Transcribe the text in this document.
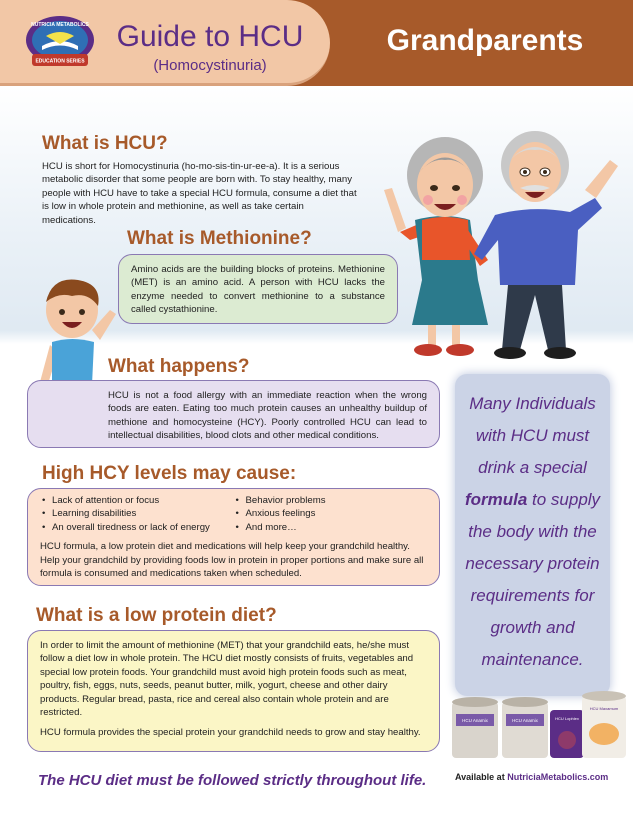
NUTRICIA METABOLICS
EDUCATION SERIES
Guide to HCU
(Homocystinuria)
Grandparents
What is HCU?
HCU is short for Homocystinuria (ho-mo-sis-tin-ur-ee-a). It is a serious metabolic disorder that some people are born with. To stay healthy, many people with HCU have to take a special HCU formula, consume a diet that is low in whole protein and methionine, as well as take certain medications.
What is Methionine?

Amino acids are the building blocks of proteins. Methionine (MET) is an amino acid. A person with HCU lacks the enzyme needed to convert methionine to a substance called cystathionine.

What happens?

HCU is not a food allergy with an immediate reaction when the wrong foods are eaten. Eating too much protein causes an unhealthy buildup of methione and homocysteine (HCY). Poorly controlled HCU can lead to intellectual disabilities, blood clots and other medical conditions.

High HCY levels may cause:
• Lack of attention or focus
• Learning disabilities
• An overall tiredness or lack of energy
• Behavior problems
• Anxious feelings
• And more…

HCU formula, a low protein diet and medications will help keep your grandchild healthy. Help your grandchild by providing foods low in protein in proper portions and make sure all formula is consumed and medications taken when scheduled.

What is a low protein diet?

In order to limit the amount of methionine (MET) that your grandchild eats, he/she must follow a diet low in whole protein. The HCU diet mostly consists of fruits, vegetables and special low protein foods. Your grandchild must avoid high protein foods such as meat, poultry, fish, eggs, nuts, seeds, peanut butter, milk, yogurt, cheese and other dairy products. Regular bread, pasta, rice and cereal also contain whole protein and are restricted.

HCU formula provides the special protein your grandchild needs to grow and stay healthy.

Many Individuals with HCU must drink a special formula to supply the body with the necessary protein requirements for growth and maintenance.
HCU Anamix	HCU Anamix	HCU Lophlex
HCU Maxamum
The HCU diet must be followed strictly throughout life.	Available at NutriciaMetabolics.com
